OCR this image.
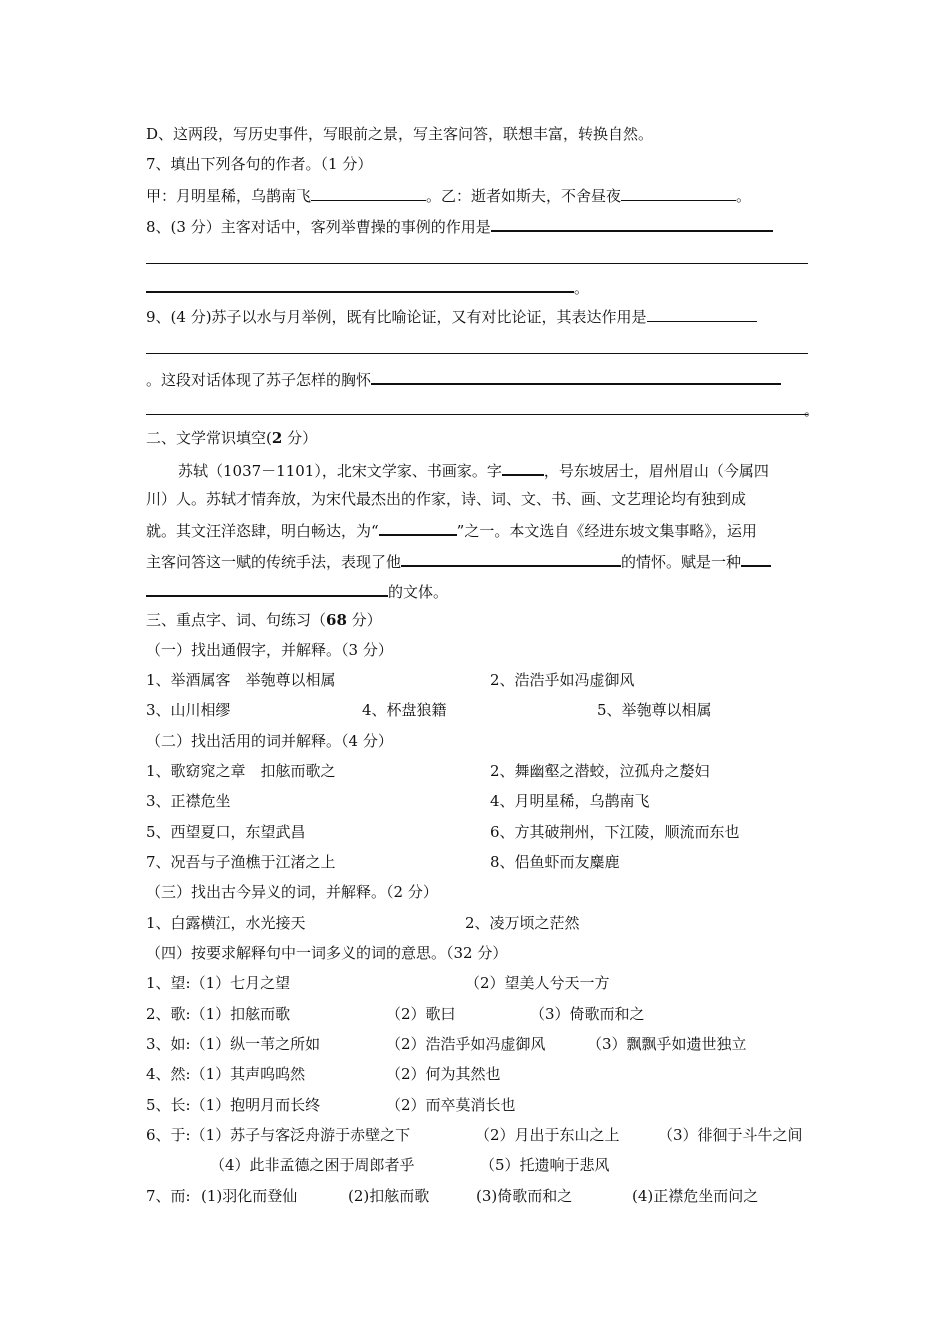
D、这两段，写历史事件，写眼前之景，写主客问答，联想丰富，转换自然。
7、填出下列各句的作者。（1 分）
甲：月明星稀，乌鹊南飞	。乙：逝者如斯夫，不舍昼夜	。
8、(3 分）主客对话中，客列举曹操的事例的作用是
。
9、(4 分)苏子以水与月举例，既有比喻论证，又有对比论证，其表达作用是
。这段对话体现了苏子怎样的胸怀
。
二、文学常识填空(2 分）
苏轼（1037－1101），北宋文学家、书画家。字	，号东坡居士，眉州眉山（今属四
川）人。苏轼才情奔放，为宋代最杰出的作家，诗、词、文、书、画、文艺理论均有独到成
就。其文汪洋恣肆，明白畅达，为“	”之一。本文选自《经进东坡文集事略》，运用
主客问答这一赋的传统手法，表现了他	的情怀。赋是一种
的文体。
三、重点字、词、句练习（68 分）
（一）找出通假字，并解释。（3 分）
1、举酒属客　举匏尊以相属	2、浩浩乎如冯虚御风
3、山川相缪	4、杯盘狼籍	5、举匏尊以相属
（二）找出活用的词并解释。（4 分）
1、歌窈窕之章　扣舷而歌之	2、舞幽壑之潜蛟，泣孤舟之嫠妇
3、正襟危坐	4、月明星稀，乌鹊南飞
5、西望夏口，东望武昌	6、方其破荆州，下江陵，顺流而东也
7、况吾与子渔樵于江渚之上	8、侣鱼虾而友麋鹿
（三）找出古今异义的词，并解释。（2 分）
1、白露横江，水光接天	2、凌万顷之茫然
（四）按要求解释句中一词多义的词的意思。（32 分）
1、望:（1）七月之望	（2）望美人兮天一方
2、歌:（1）扣舷而歌	（2）歌曰	（3）倚歌而和之
3、如:（1）纵一苇之所如	（2）浩浩乎如冯虚御风	（3）飘飘乎如遗世独立
4、然:（1）其声呜呜然	（2）何为其然也
5、长:（1）抱明月而长终	（2）而卒莫消长也
6、于:（1）苏子与客泛舟游于赤壁之下	（2）月出于东山之上	（3）徘徊于斗牛之间
（4）此非孟德之困于周郎者乎	（5）托遗响于悲风
7、而: (1)羽化而登仙	(2)扣舷而歌	(3)倚歌而和之	(4)正襟危坐而问之
